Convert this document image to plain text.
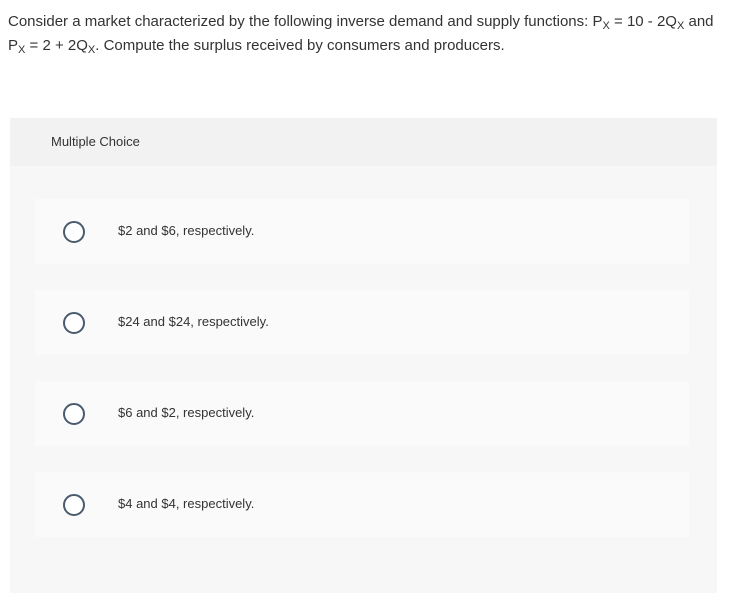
Consider a market characterized by the following inverse demand and supply functions: $P_X = 10 - 2Q_X$ and $P_X = 2 + 2Q_X$. Compute the surplus received by consumers and producers.
Multiple Choice
$2 and $6, respectively.
$24 and $24, respectively.
$6 and $2, respectively.
$4 and $4, respectively.
